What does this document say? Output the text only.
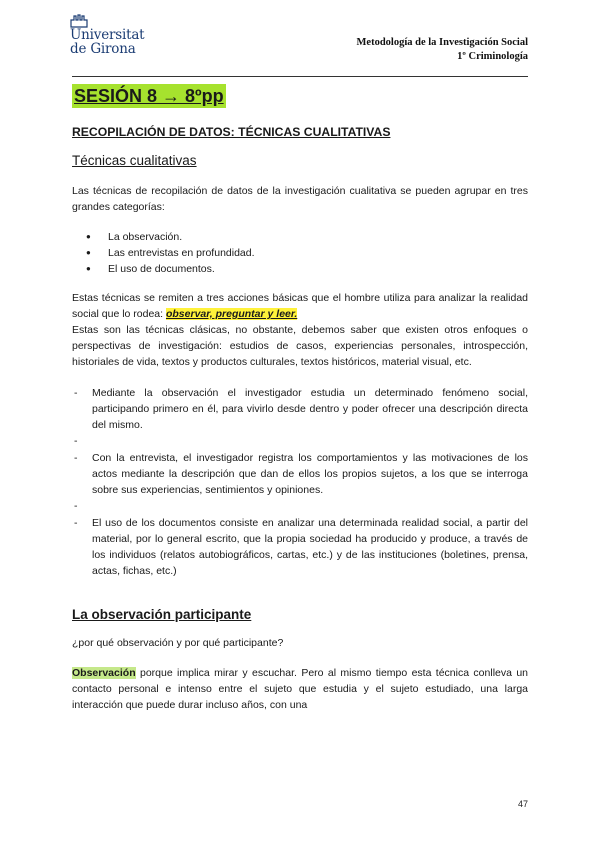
Universitat
de Girona	Metodología de la Investigación Social
1º Criminología
SESIÓN 8 → 8ºpp

RECOPILACIÓN DE DATOS: TÉCNICAS CUALITATIVAS

Técnicas cualitativas

Las técnicas de recopilación de datos de la investigación cualitativa se pueden agrupar en tres grandes categorías:

● La observación.
● Las entrevistas en profundidad.
● El uso de documentos.

Estas técnicas se remiten a tres acciones básicas que el hombre utiliza para analizar la realidad social que lo rodea: observar, preguntar y leer.

Estas son las técnicas clásicas, no obstante, debemos saber que existen otros enfoques o perspectivas de investigación: estudios de casos, experiencias personales, introspección, historiales de vida, textos y productos culturales, textos históricos, material visual, etc.

- Mediante la observación el investigador estudia un determinado fenómeno social, participando primero en él, para vivirlo desde dentro y poder ofrecer una descripción directa del mismo.
-
- Con la entrevista, el investigador registra los comportamientos y las motivaciones de los actos mediante la descripción que dan de ellos los propios sujetos, a los que se interroga sobre sus experiencias, sentimientos y opiniones.
-
- El uso de los documentos consiste en analizar una determinada realidad social, a partir del material, por lo general escrito, que la propia sociedad ha producido y produce, a través de los individuos (relatos autobiográficos, cartas, etc.) y de las instituciones (boletines, prensa, actas, fichas, etc.)

La observación participante

¿por qué observación y por qué participante?

Observación porque implica mirar y escuchar. Pero al mismo tiempo esta técnica conlleva un contacto personal e intenso entre el sujeto que estudia y el sujeto estudiado, una larga interacción que puede durar incluso años, con una

47
